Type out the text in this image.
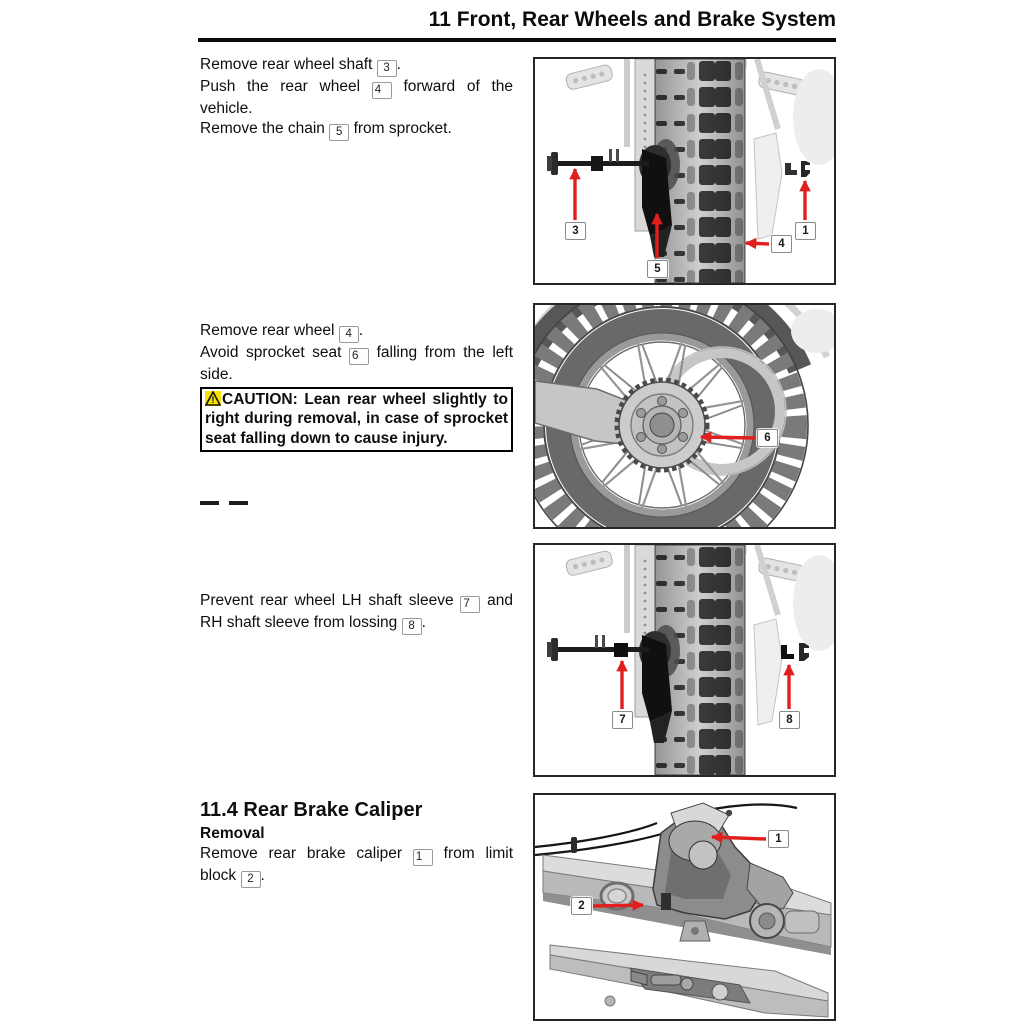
11 Front, Rear Wheels and Brake System
Remove rear wheel shaft 3 .
Push the rear wheel 4 forward of the
vehicle.
Remove the chain 5 from sprocket.
Remove rear wheel 4 .
Avoid sprocket seat 6 falling from the left
side.
! CAUTION: Lean rear wheel slightly to
right during removal, in case of sprocket
seat falling down to cause injury.
Prevent rear wheel LH shaft sleeve 7 and
RH shaft sleeve from lossing 8 .
11.4 Rear Brake Caliper
Removal
Remove rear brake caliper 1 from limit
block 2 .
3
5
4
1
6
7	8
1
2
